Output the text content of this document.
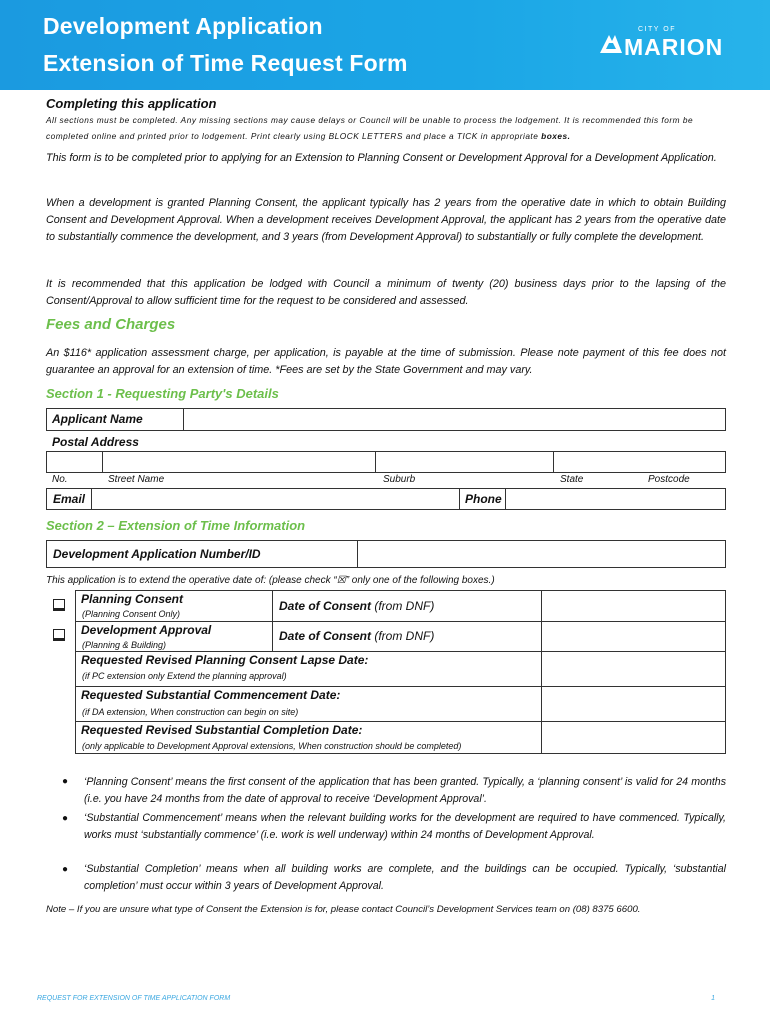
Development Application
Extension of Time Request Form
CITY OF
MARION
Completing this application
All sections must be completed. Any missing sections may cause delays or Council will be unable to process the lodgement. It is recommended this form be
completed online and printed prior to lodgement. Print clearly using BLOCK LETTERS and place a TICK in appropriate boxes.
This form is to be completed prior to applying for an Extension to Planning Consent or Development Approval for a Development Application.
When a development is granted Planning Consent, the applicant typically has 2 years from the operative date in which to obtain Building Consent and Development Approval. When a development receives Development Approval, the applicant has 2 years from the operative date to substantially commence the development, and 3 years (from Development Approval) to substantially or fully complete the development.
It is recommended that this application be lodged with Council a minimum of twenty (20) business days prior to the lapsing of the Consent/Approval to allow sufficient time for the request to be considered and assessed.
Fees and Charges
An $116* application assessment charge, per application, is payable at the time of submission. Please note payment of this fee does not guarantee an approval for an extension of time. *Fees are set by the State Government and may vary.
Section 1 - Requesting Party's Details
Applicant Name
Postal Address
No.	Street Name	Suburb	State	Postcode
Email	Phone
Section 2 – Extension of Time Information
Development Application Number/ID
This application is to extend the operative date of: (please check “☒” only one of the following boxes.)
Planning Consent
(Planning Consent Only)
Date of Consent (from DNF)
Development Approval
(Planning & Building)
Date of Consent (from DNF)
Requested Revised Planning Consent Lapse Date:
(if PC extension only Extend the planning approval)
Requested Substantial Commencement Date:
(if DA extension, When construction can begin on site)
Requested Revised Substantial Completion Date:
(only applicable to Development Approval extensions, When construction should be completed)
● ‘Planning Consent’ means the first consent of the application that has been granted. Typically, a ‘planning consent’ is valid for 24 months (i.e. you have 24 months from the date of approval to receive ‘Development Approval’.
● ‘Substantial Commencement’ means when the relevant building works for the development are required to have commenced. Typically, works must ‘substantially commence’ (i.e. work is well underway) within 24 months of Development Approval.
● ‘Substantial Completion’ means when all building works are complete, and the buildings can be occupied. Typically, ‘substantial completion’ must occur within 3 years of Development Approval.
Note – If you are unsure what type of Consent the Extension is for, please contact Council’s Development Services team on (08) 8375 6600.
REQUEST FOR EXTENSION OF TIME APPLICATION FORM	1
